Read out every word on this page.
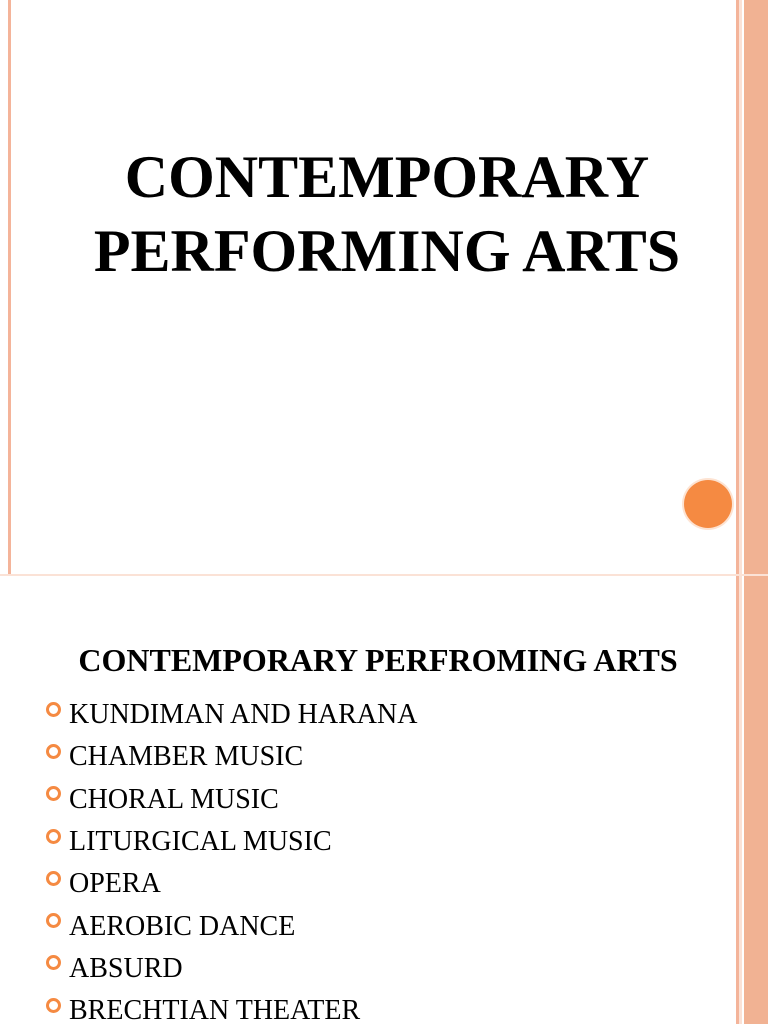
CONTEMPORARY
PERFORMING ARTS
CONTEMPORARY PERFROMING ARTS
KUNDIMAN AND HARANA
CHAMBER MUSIC
CHORAL MUSIC
LITURGICAL MUSIC
OPERA
AEROBIC DANCE
ABSURD
BRECHTIAN THEATER
